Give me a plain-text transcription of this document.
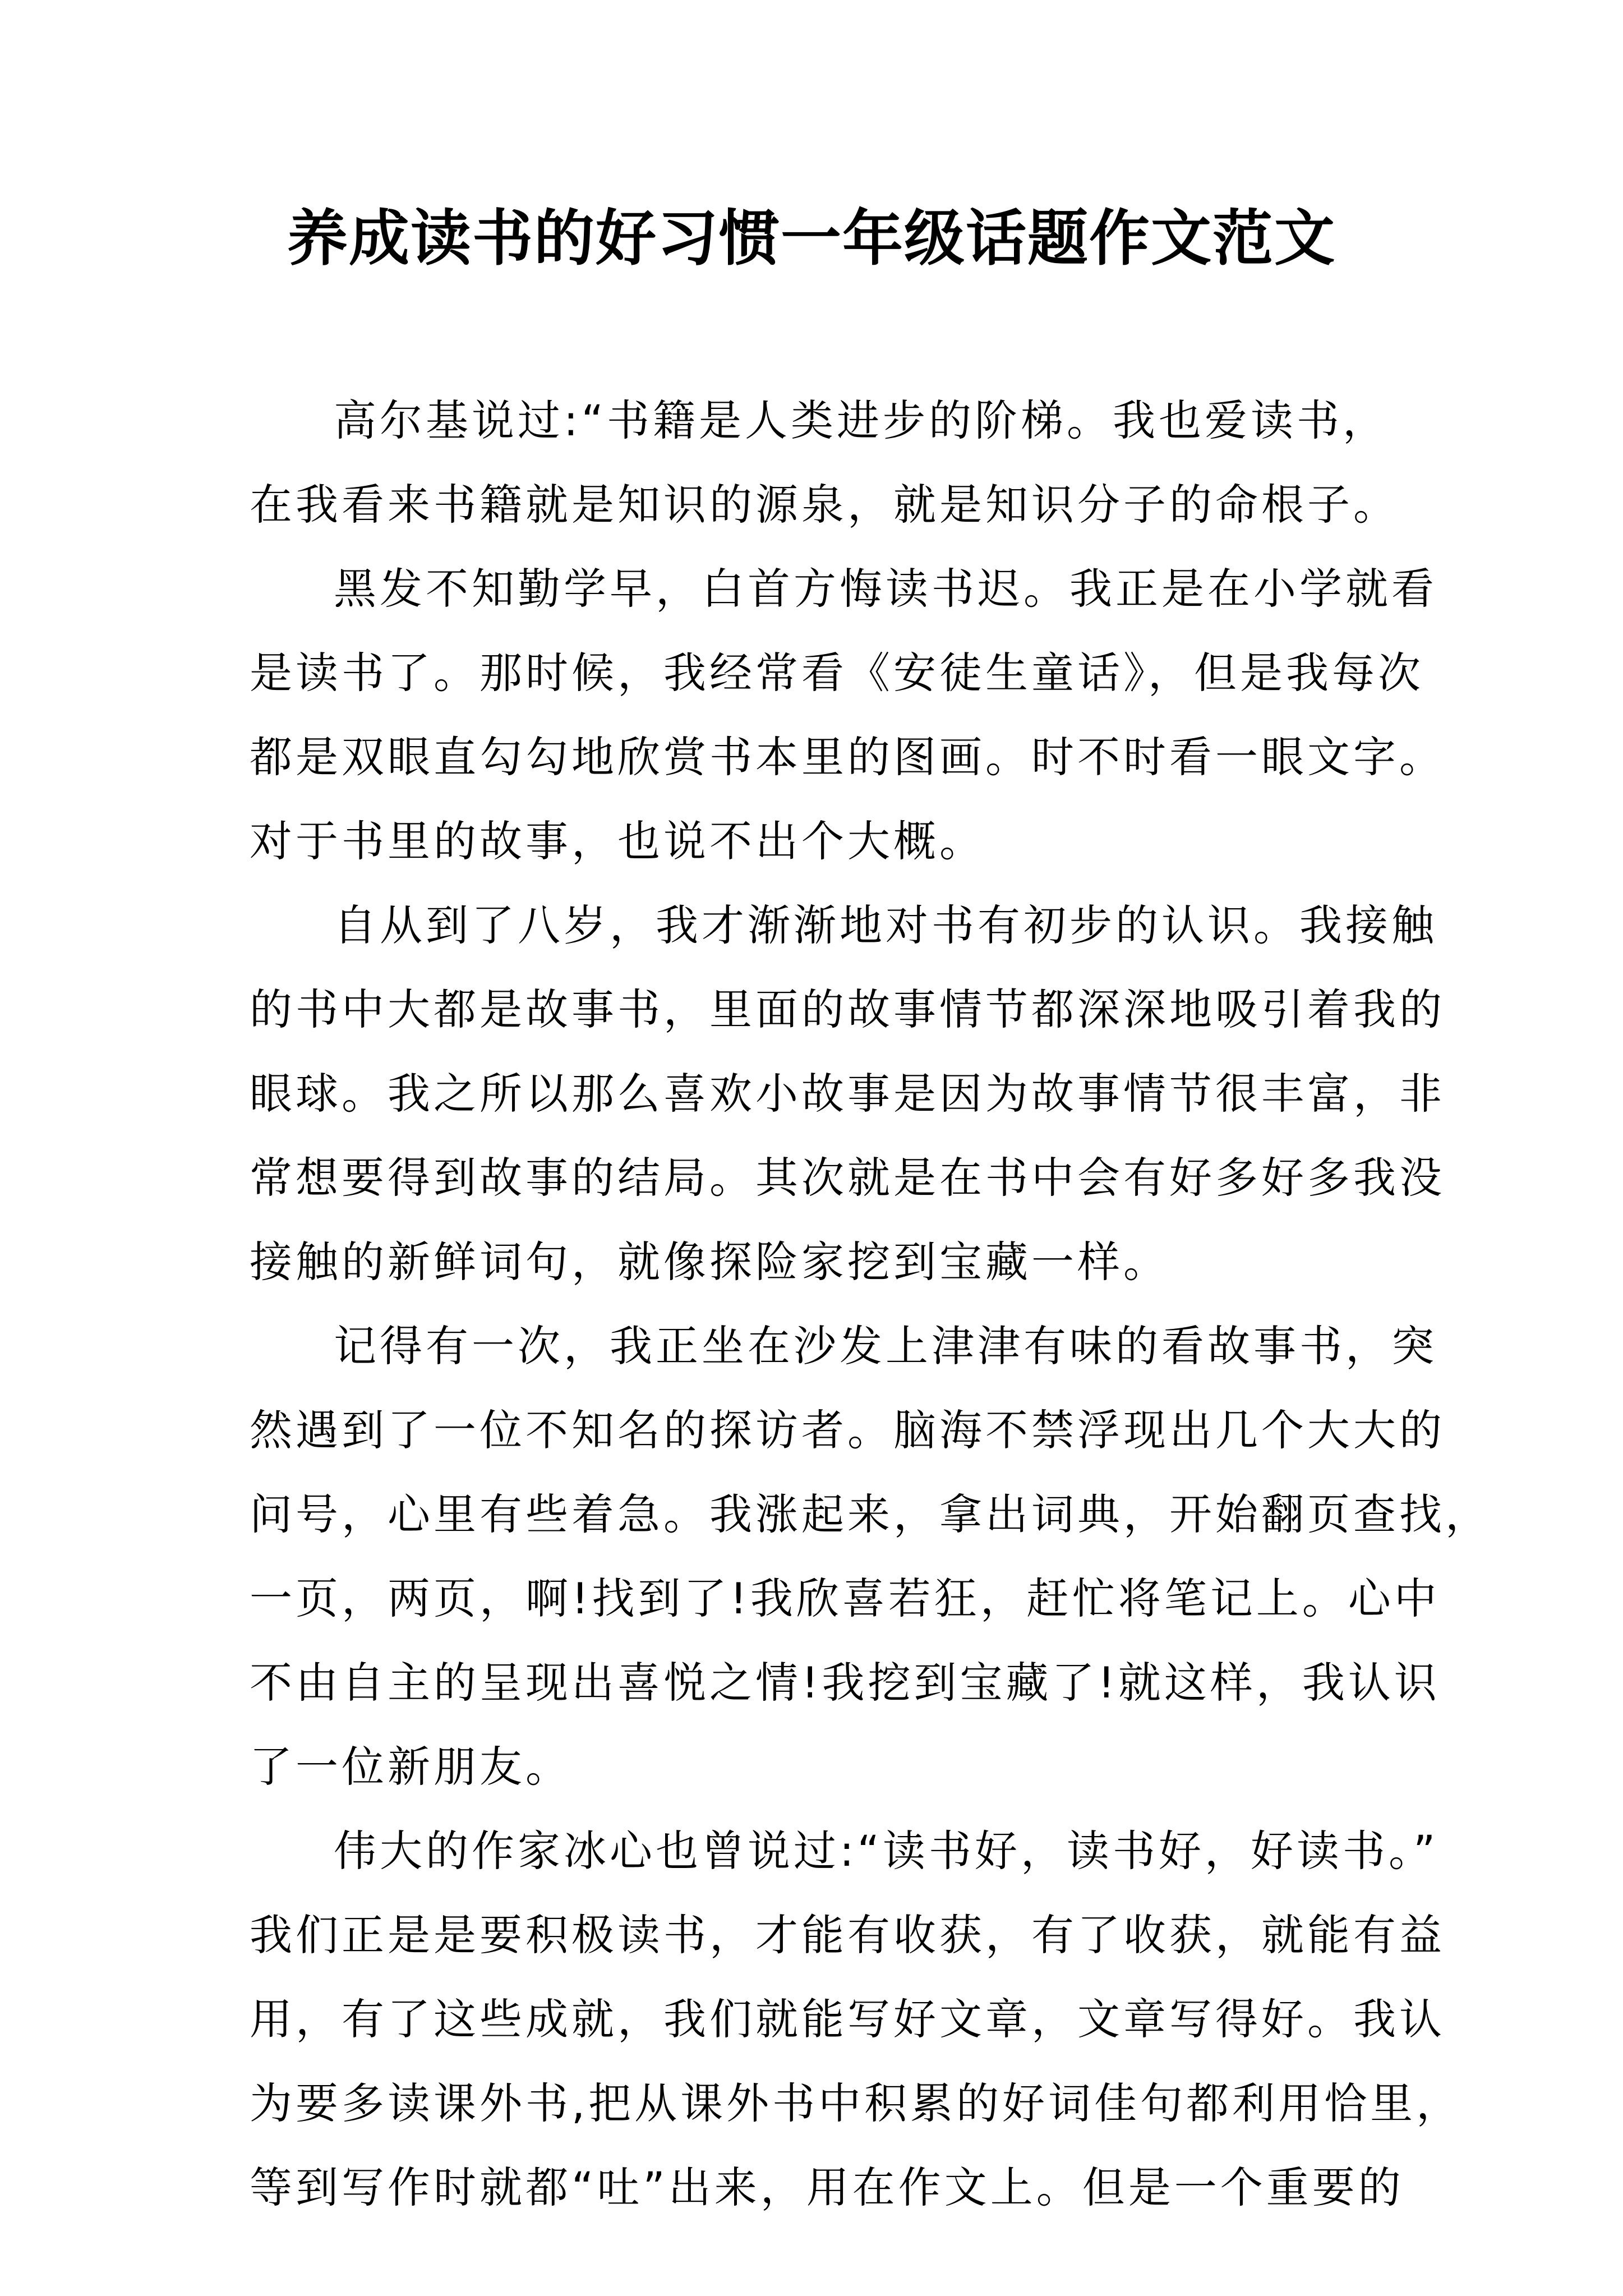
养成读书的好习惯一年级话题作文范文
高尔基说过:“书籍是人类进步的阶梯。我也爱读书，
在我看来书籍就是知识的源泉，就是知识分子的命根子。
黑发不知勤学早，白首方悔读书迟。我正是在小学就看
是读书了。那时候，我经常看《安徒生童话》，但是我每次
都是双眼直勾勾地欣赏书本里的图画。时不时看一眼文字。
对于书里的故事，也说不出个大概。
自从到了八岁，我才渐渐地对书有初步的认识。我接触
的书中大都是故事书，里面的故事情节都深深地吸引着我的
眼球。我之所以那么喜欢小故事是因为故事情节很丰富，非
常想要得到故事的结局。其次就是在书中会有好多好多我没
接触的新鲜词句，就像探险家挖到宝藏一样。
记得有一次，我正坐在沙发上津津有味的看故事书，突
然遇到了一位不知名的探访者。脑海不禁浮现出几个大大的
问号，心里有些着急。我涨起来，拿出词典，开始翻页查找，
一页，两页，啊!找到了!我欣喜若狂，赶忙将笔记上。心中
不由自主的呈现出喜悦之情!我挖到宝藏了!就这样，我认识
了一位新朋友。
伟大的作家冰心也曾说过:“读书好，读书好，好读书。”
我们正是是要积极读书，才能有收获，有了收获，就能有益
用，有了这些成就，我们就能写好文章，文章写得好。我认
为要多读课外书,把从课外书中积累的好词佳句都利用恰里，
等到写作时就都“吐”出来，用在作文上。但是一个重要的
